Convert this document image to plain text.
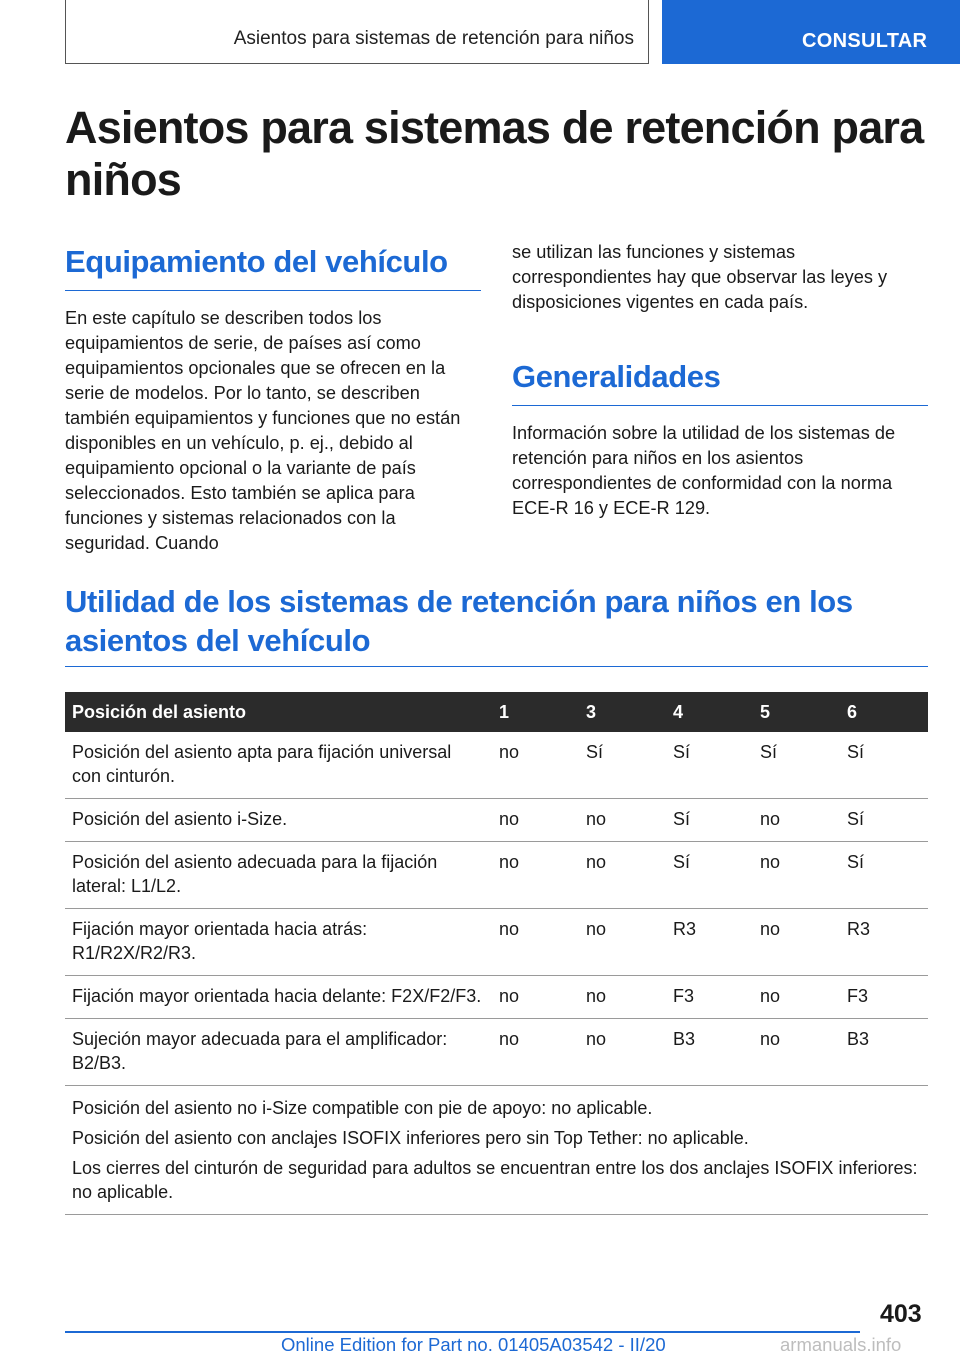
Asientos para sistemas de retención para niños	CONSULTAR
Asientos para sistemas de retención para niños
Equipamiento del vehículo

En este capítulo se describen todos los equipamientos de serie, de países así como equipamientos opcionales que se ofrecen en la serie de modelos. Por lo tanto, se describen también equipamientos y funciones que no están disponibles en un vehículo, p. ej., debido al equipamiento opcional o la variante de país seleccionados. Esto también se aplica para funciones y sistemas relacionados con la seguridad. Cuando

se utilizan las funciones y sistemas correspondientes hay que observar las leyes y disposiciones vigentes en cada país.

Generalidades

Información sobre la utilidad de los sistemas de retención para niños en los asientos correspondientes de conformidad con la norma ECE-R 16 y ECE-R 129.

Utilidad de los sistemas de retención para niños en los asientos del vehículo
Posición del asiento	1	3	4	5	6
Posición del asiento apta para fijación universal con cinturón.	no	Sí	Sí	Sí	Sí
Posición del asiento i-Size.	no	no	Sí	no	Sí
Posición del asiento adecuada para la fijación lateral: L1/L2.	no	no	Sí	no	Sí
Fijación mayor orientada hacia atrás: R1/R2X/R2/R3.	no	no	R3	no	R3
Fijación mayor orientada hacia delante: F2X/F2/F3.	no	no	F3	no	F3
Sujeción mayor adecuada para el amplificador: B2/B3.	no	no	B3	no	B3

Posición del asiento no i-Size compatible con pie de apoyo: no aplicable.

Posición del asiento con anclajes ISOFIX inferiores pero sin Top Tether: no aplicable.

Los cierres del cinturón de seguridad para adultos se encuentran entre los dos anclajes ISOFIX inferiores: no aplicable.					

403
Online Edition for Part no. 01405A03542 - II/20	armanuals.info
